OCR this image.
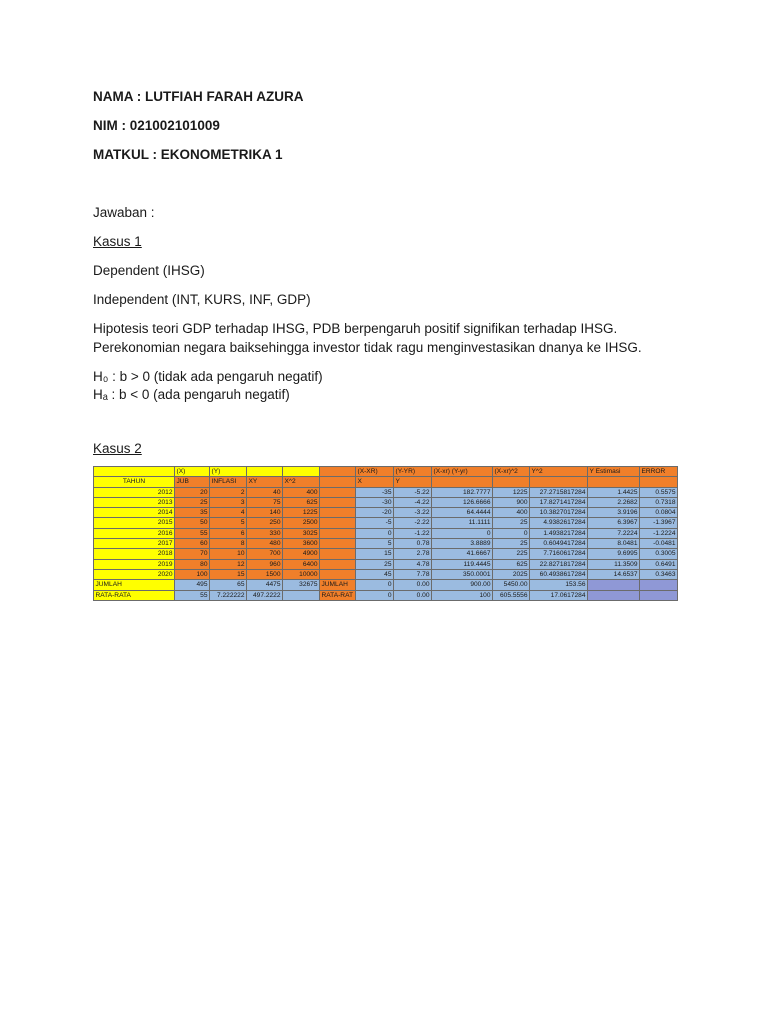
NAMA : LUTFIAH FARAH AZURA
NIM : 021002101009
MATKUL : EKONOMETRIKA 1
Jawaban :
Kasus 1
Dependent (IHSG)
Independent (INT, KURS, INF, GDP)
Hipotesis teori GDP terhadap IHSG, PDB berpengaruh positif signifikan terhadap IHSG.
Perekonomian negara baiksehingga investor tidak ragu menginvestasikan dnanya ke IHSG.
H₀ : b > 0 (tidak ada pengaruh negatif)
Hₐ : b < 0 (ada pengaruh negatif)
Kasus 2
	(X)	(Y)				(X-XR)	(Y-YR)	(X-xr) (Y-yr)	(X-xr)^2	Y^2	Y Estimasi	ERROR
TAHUN	JUB	INFLASI	XY	X^2		X	Y					
2012	20	2	40	400		-35	-5.22	182.7777	1225	27.2715817284	1.4425	0.5575
2013	25	3	75	625		-30	-4.22	126.6666	900	17.8271417284	2.2682	0.7318
2014	35	4	140	1225		-20	-3.22	64.4444	400	10.3827017284	3.9196	0.0804
2015	50	5	250	2500		-5	-2.22	11.1111	25	4.9382617284	6.3967	-1.3967
2016	55	6	330	3025		0	-1.22	0	0	1.4938217284	7.2224	-1.2224
2017	60	8	480	3600		5	0.78	3.8889	25	0.6049417284	8.0481	-0.0481
2018	70	10	700	4900		15	2.78	41.6667	225	7.7160617284	9.6995	0.3005
2019	80	12	960	6400		25	4.78	119.4445	625	22.8271817284	11.3509	0.6491
2020	100	15	1500	10000		45	7.78	350.0001	2025	60.4938617284	14.6537	0.3463
JUMLAH	495	65	4475	32675	JUMLAH	0	0.00	900.00	5450.00	153.56		
RATA-RATA	55	7.222222	497.2222		RATA-RAT	0	0.00	100	605.5556	17.0617284		
